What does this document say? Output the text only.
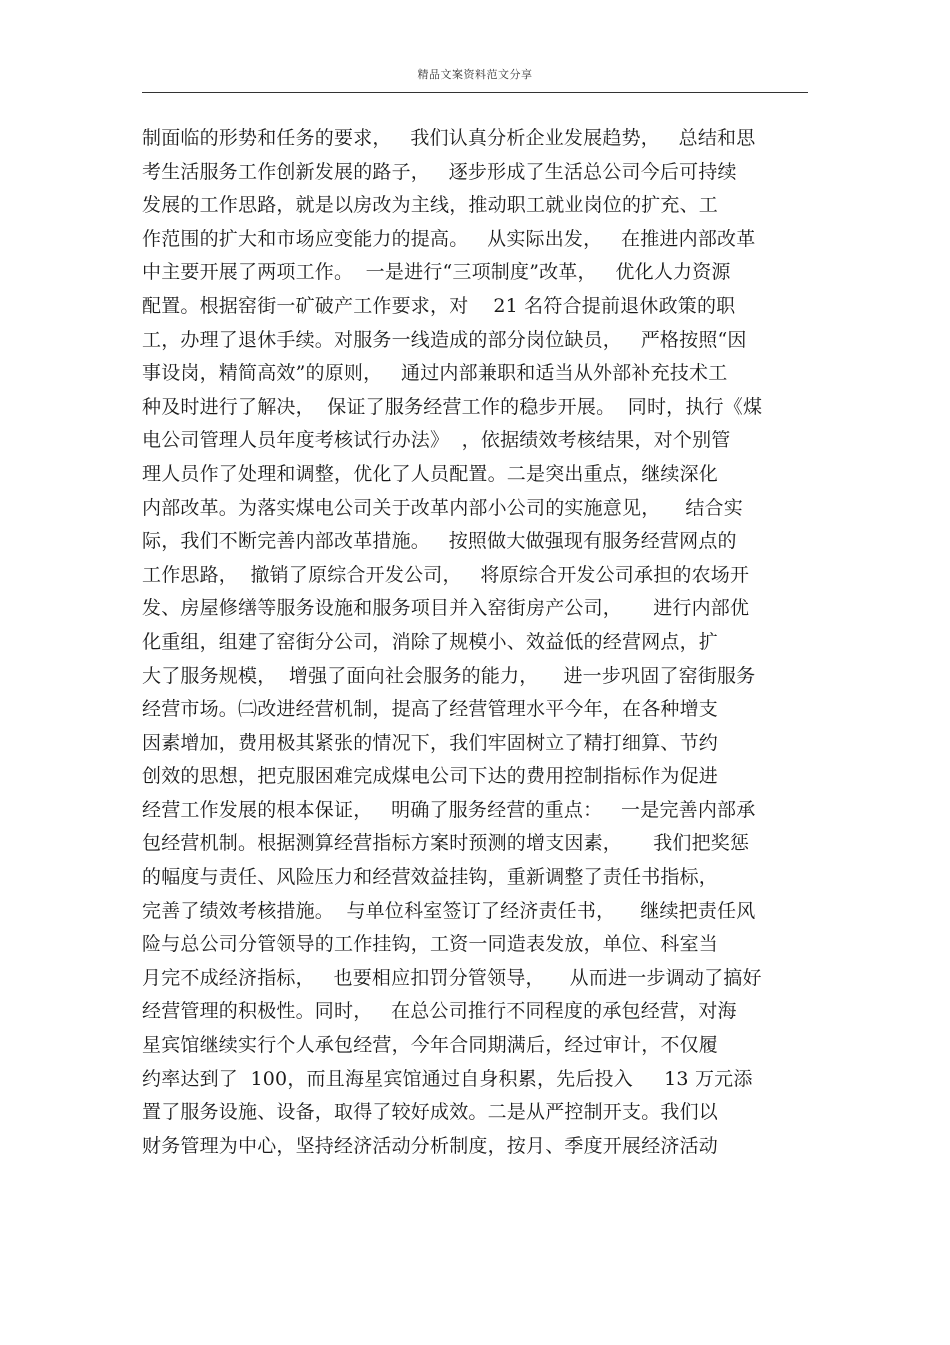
精品文案资料范文分享
制面临的形势和任务的要求，   我们认真分析企业发展趋势，   总结和思
考生活服务工作创新发展的路子，   逐步形成了生活总公司今后可持续
发展的工作思路，就是以房改为主线，推动职工就业岗位的扩充、工
作范围的扩大和市场应变能力的提高。   从实际出发，   在推进内部改革
中主要开展了两项工作。  一是进行“三项制度”改革，   优化人力资源
配置。根据窑街一矿破产工作要求，对    21 名符合提前退休政策的职
工，办理了退休手续。对服务一线造成的部分岗位缺员，   严格按照“因
事设岗，精简高效”的原则，   通过内部兼职和适当从外部补充技术工
种及时进行了解决，  保证了服务经营工作的稳步开展。  同时，执行《煤
电公司管理人员年度考核试行办法》  ，依据绩效考核结果，对个别管
理人员作了处理和调整，优化了人员配置。二是突出重点，继续深化
内部改革。为落实煤电公司关于改革内部小公司的实施意见，    结合实
际，我们不断完善内部改革措施。   按照做大做强现有服务经营网点的
工作思路，  撤销了原综合开发公司，   将原综合开发公司承担的农场开
发、房屋修缮等服务设施和服务项目并入窑街房产公司，     进行内部优
化重组，组建了窑街分公司，消除了规模小、效益低的经营网点，扩
大了服务规模，  增强了面向社会服务的能力，    进一步巩固了窑街服务
经营市场。㈡改进经营机制，提高了经营管理水平今年，在各种增支
因素增加，费用极其紧张的情况下，我们牢固树立了精打细算、节约
创效的思想，把克服困难完成煤电公司下达的费用控制指标作为促进
经营工作发展的根本保证，   明确了服务经营的重点：   一是完善内部承
包经营机制。根据测算经营指标方案时预测的增支因素，     我们把奖惩
的幅度与责任、风险压力和经营效益挂钩，重新调整了责任书指标，
完善了绩效考核措施。  与单位科室签订了经济责任书，    继续把责任风
险与总公司分管领导的工作挂钩，工资一同造表发放，单位、科室当
月完不成经济指标，   也要相应扣罚分管领导，    从而进一步调动了搞好
经营管理的积极性。同时，   在总公司推行不同程度的承包经营，对海
星宾馆继续实行个人承包经营，今年合同期满后，经过审计，不仅履
约率达到了  100，而且海星宾馆通过自身积累，先后投入     13 万元添
置了服务设施、设备，取得了较好成效。二是从严控制开支。我们以
财务管理为中心，坚持经济活动分析制度，按月、季度开展经济活动
